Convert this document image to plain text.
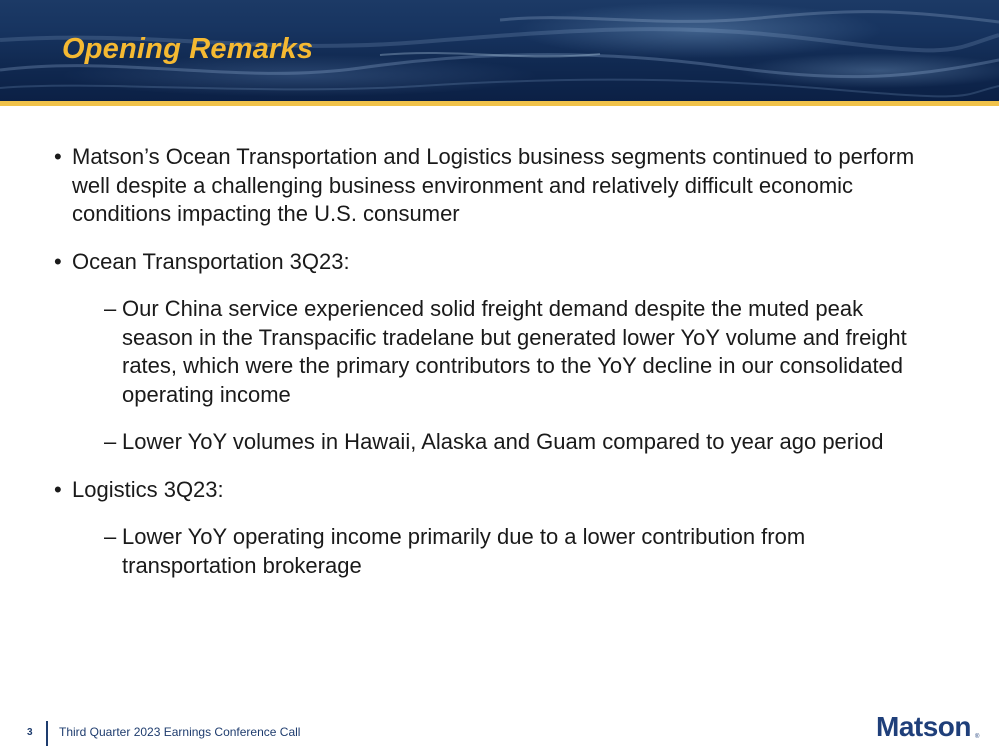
Opening Remarks
• Matson’s Ocean Transportation and Logistics business segments continued to perform well despite a challenging business environment and relatively difficult economic conditions impacting the U.S. consumer
• Ocean Transportation 3Q23:
– Our China service experienced solid freight demand despite the muted peak season in the Transpacific tradelane but generated lower YoY volume and freight rates, which were the primary contributors to the YoY decline in our consolidated operating income
– Lower YoY volumes in Hawaii, Alaska and Guam compared to year ago period
• Logistics 3Q23:
– Lower YoY operating income primarily due to a lower contribution from transportation brokerage
3 Third Quarter 2023 Earnings Conference Call	Matson ®
